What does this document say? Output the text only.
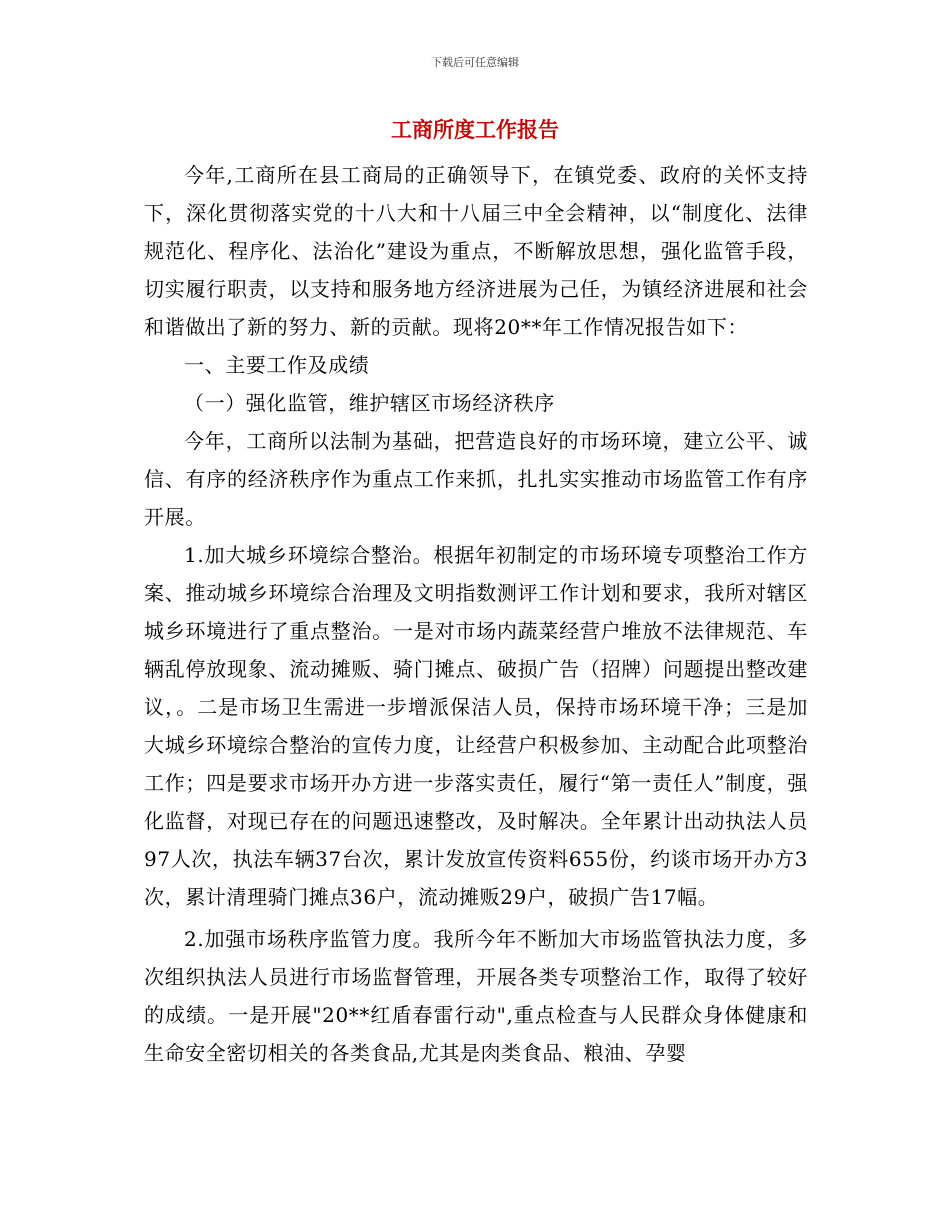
下载后可任意编辑
工商所度工作报告

今年,工商所在县工商局的正确领导下，在镇党委、政府的关怀支持下，深化贯彻落实党的十八大和十八届三中全会精神，以“制度化、法律规范化、程序化、法治化”建设为重点，不断解放思想，强化监管手段，切实履行职责，以支持和服务地方经济进展为己任，为镇经济进展和社会和谐做出了新的努力、新的贡献。现将20**年工作情况报告如下：

一、主要工作及成绩

（一）强化监管，维护辖区市场经济秩序

今年，工商所以法制为基础，把营造良好的市场环境，建立公平、诚信、有序的经济秩序作为重点工作来抓，扎扎实实推动市场监管工作有序开展。

1.加大城乡环境综合整治。根据年初制定的市场环境专项整治工作方案、推动城乡环境综合治理及文明指数测评工作计划和要求，我所对辖区城乡环境进行了重点整治。一是对市场内蔬菜经营户堆放不法律规范、车辆乱停放现象、流动摊贩、骑门摊点、破损广告（招牌）问题提出整改建议，。二是市场卫生需进一步增派保洁人员，保持市场环境干净；三是加大城乡环境综合整治的宣传力度，让经营户积极参加、主动配合此项整治工作；四是要求市场开办方进一步落实责任，履行“第一责任人”制度，强化监督，对现已存在的问题迅速整改，及时解决。全年累计出动执法人员97人次，执法车辆37台次，累计发放宣传资料655份，约谈市场开办方3次，累计清理骑门摊点36户，流动摊贩29户，破损广告17幅。

2.加强市场秩序监管力度。我所今年不断加大市场监管执法力度，多次组织执法人员进行市场监督管理，开展各类专项整治工作，取得了较好的成绩。一是开展"20**红盾春雷行动",重点检查与人民群众身体健康和生命安全密切相关的各类食品,尤其是肉类食品、粮油、孕婴
